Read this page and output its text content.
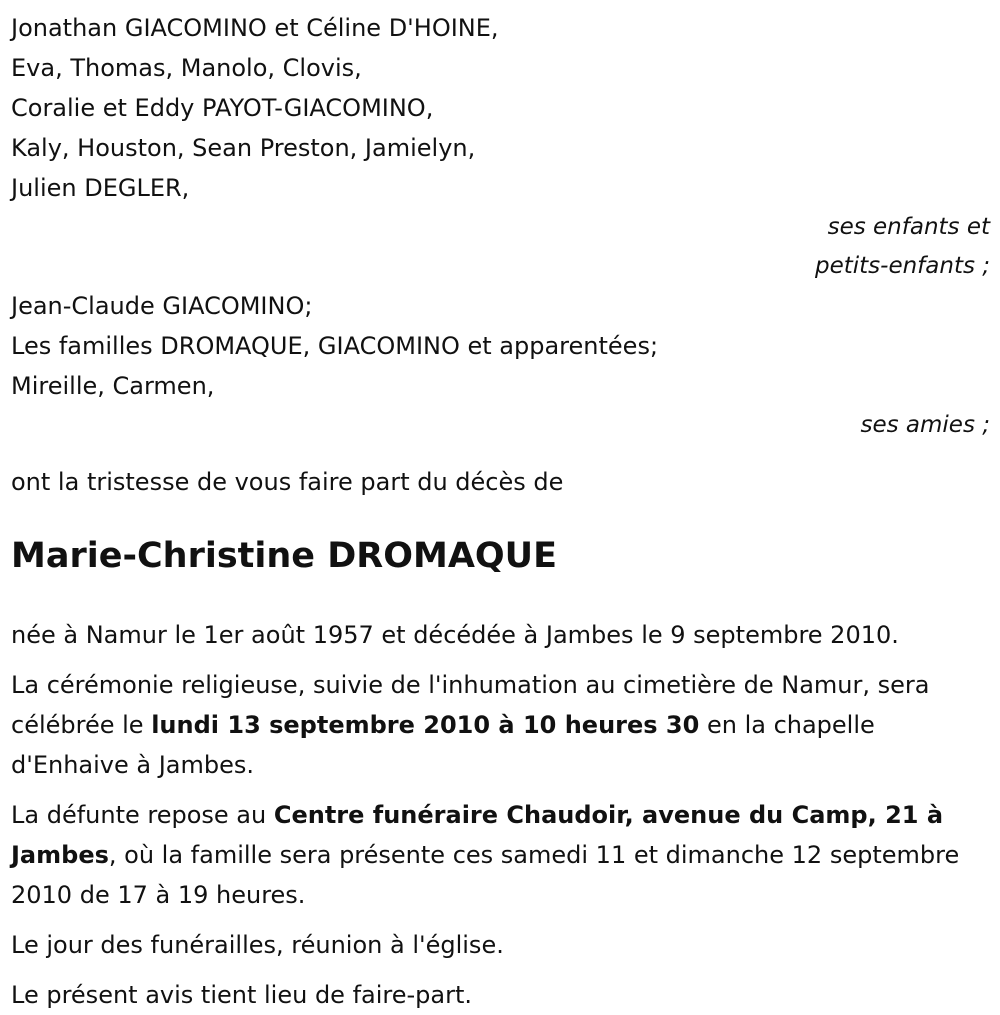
Jonathan GIACOMINO et Céline D'HOINE,
Eva, Thomas, Manolo, Clovis,
Coralie et Eddy PAYOT-GIACOMINO,
Kaly, Houston, Sean Preston, Jamielyn,
Julien DEGLER,
ses enfants et
petits-enfants ;
Jean-Claude GIACOMINO;
Les familles DROMAQUE, GIACOMINO et apparentées;
Mireille, Carmen,
ses amies ;
ont la tristesse de vous faire part du décès de
Marie-Christine DROMAQUE

née à Namur le 1er août 1957 et décédée à Jambes le 9 septembre 2010.

La cérémonie religieuse, suivie de l'inhumation au cimetière de Namur, sera célébrée le lundi 13 septembre 2010 à 10 heures 30 en la chapelle d'Enhaive à Jambes.

La défunte repose au Centre funéraire Chaudoir, avenue du Camp, 21 à Jambes, où la famille sera présente ces samedi 11 et dimanche 12 septembre 2010 de 17 à 19 heures.

Le jour des funérailles, réunion à l'église.

Le présent avis tient lieu de faire-part.
